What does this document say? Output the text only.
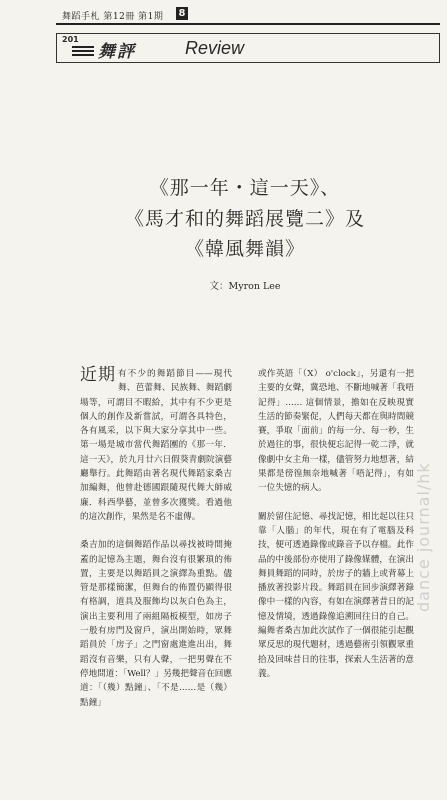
舞蹈手札 第12冊 第1期 8
201
舞評	Review
《那一年・這一天》、
《馬才和的舞蹈展覽二》及
《韓風舞韻》
文：Myron Lee

近期 有不少的舞蹈節目——現代舞、芭蕾舞、民族舞、舞蹈劇場等，可謂目不暇給，其中有不少更是個人的創作及新嘗試，可謂各具特色，各有風采，以下與大家分享其中一些。第一場是城市當代舞蹈團的《那一年．這一天》，於九月廿六日假葵青劇院演藝廳舉行。此舞蹈由著名現代舞蹈家桑吉加編舞，他曾赴德國跟隨現代舞大師威廉．科西學藝，並曾多次獲獎。看過他的這次創作，果然是名不虛傳。

桑吉加的這個舞蹈作品以尋找被時間掩蓋的記憶為主題，舞台沒有很繁瑣的佈置，主要是以舞蹈員之演繹為重點。儘管是那樣簡潔，但舞台的佈置仍顯得很有格調，道具及服飾均以灰白色為主，演出主要利用了兩組隔板模型，如房子一般有房門及窗戶，演出開始時，眾舞蹈員於「房子」之門窗處進進出出，舞蹈沒有音樂，只有人聲，一把男聲在不停地問道：「Well？」另幾把聲音在回應道：「（幾）點鐘」、「不是……是（幾）點鐘」

或作英語「（X） o'clock」，另還有一把主要的女聲，冀恐地、不斷地喊著「我唔記得」…… 這個情景，擔如在反映現實生活的節奏緊促，人們每天都在與時間競賽，爭取「面前」的每一分、每一秒，生於過往的事，很快便忘記得一乾二淨，就像劇中女主角一樣，儘管努力地想著，結果都是徬徨無奈地喊著「唔記得」，有如一位失憶的病人。

關於留住記憶、尋找記憶，相比起以往只靠「人腦」的年代，現在有了電腦及科技，便可透過錄像或錄音予以存檔。此作品的中後部份亦使用了錄像媒體，在演出舞員舞蹈的同時，於房子的牆上或背幕上播放著投影片段。舞蹈員在回步演繹著錄像中一樣的內容，有如在演繹著昔日的記憶及情境，透過錄像追溯回往日的自己。編舞者桑吉加此次試作了一個很能引起觀眾反思的現代題材，透過藝術引領觀眾重拾及回味昔日的往事，探索人生活著的意義。

dance journal/hk
